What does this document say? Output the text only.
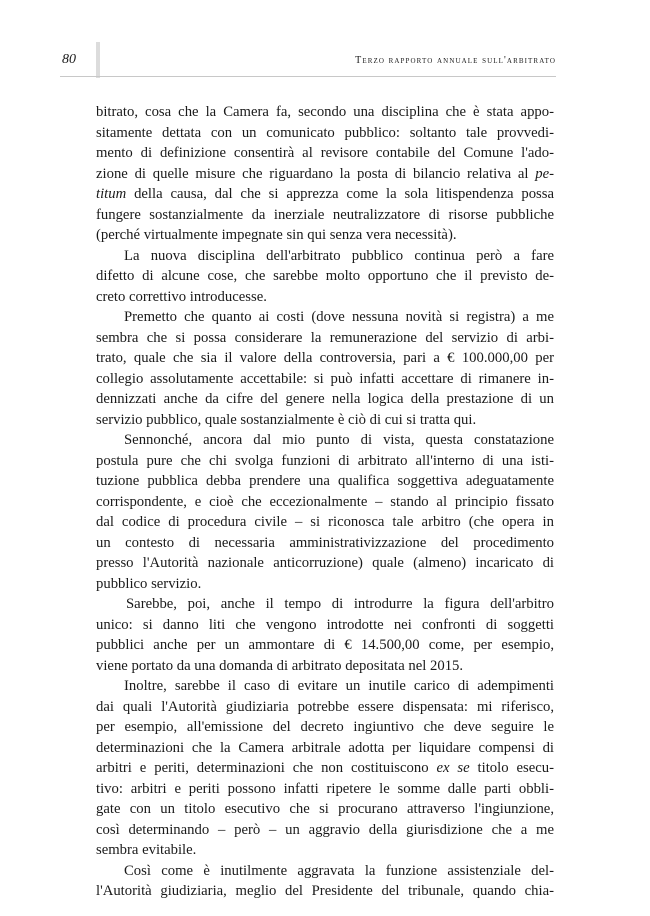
80	terzo rapporto annuale sull'arbitrato
bitrato, cosa che la Camera fa, secondo una disciplina che è stata appo-
sitamente dettata con un comunicato pubblico: soltanto tale provvedi-
mento di definizione consentirà al revisore contabile del Comune l'ado-
zione di quelle misure che riguardano la posta di bilancio relativa al pe-
titum della causa, dal che si apprezza come la sola litispendenza possa
fungere sostanzialmente da inerziale neutralizzatore di risorse pubbliche
(perché virtualmente impegnate sin qui senza vera necessità).
La nuova disciplina dell'arbitrato pubblico continua però a fare
difetto di alcune cose, che sarebbe molto opportuno che il previsto de-
creto correttivo introducesse.
Premetto che quanto ai costi (dove nessuna novità si registra) a me
sembra che si possa considerare la remunerazione del servizio di arbi-
trato, quale che sia il valore della controversia, pari a € 100.000,00 per
collegio assolutamente accettabile: si può infatti accettare di rimanere in-
dennizzati anche da cifre del genere nella logica della prestazione di un
servizio pubblico, quale sostanzialmente è ciò di cui si tratta qui.
Sennonché, ancora dal mio punto di vista, questa constatazione
postula pure che chi svolga funzioni di arbitrato all'interno di una isti-
tuzione pubblica debba prendere una qualifica soggettiva adeguatamente
corrispondente, e cioè che eccezionalmente – stando al principio fissato
dal codice di procedura civile – si riconosca tale arbitro (che opera in
un contesto di necessaria amministrativizzazione del procedimento
presso l'Autorità nazionale anticorruzione) quale (almeno) incaricato di
pubblico servizio.
Sarebbe, poi, anche il tempo di introdurre la figura dell'arbitro
unico: si danno liti che vengono introdotte nei confronti di soggetti
pubblici anche per un ammontare di € 14.500,00 come, per esempio,
viene portato da una domanda di arbitrato depositata nel 2015.
Inoltre, sarebbe il caso di evitare un inutile carico di adempimenti
dai quali l'Autorità giudiziaria potrebbe essere dispensata: mi riferisco,
per esempio, all'emissione del decreto ingiuntivo che deve seguire le
determinazioni che la Camera arbitrale adotta per liquidare compensi di
arbitri e periti, determinazioni che non costituiscono ex se titolo esecu-
tivo: arbitri e periti possono infatti ripetere le somme dalle parti obbli-
gate con un titolo esecutivo che si procurano attraverso l'ingiunzione,
così determinando – però – un aggravio della giurisdizione che a me
sembra evitabile.
Così come è inutilmente aggravata la funzione assistenziale del-
l'Autorità giudiziaria, meglio del Presidente del tribunale, quando chia-
